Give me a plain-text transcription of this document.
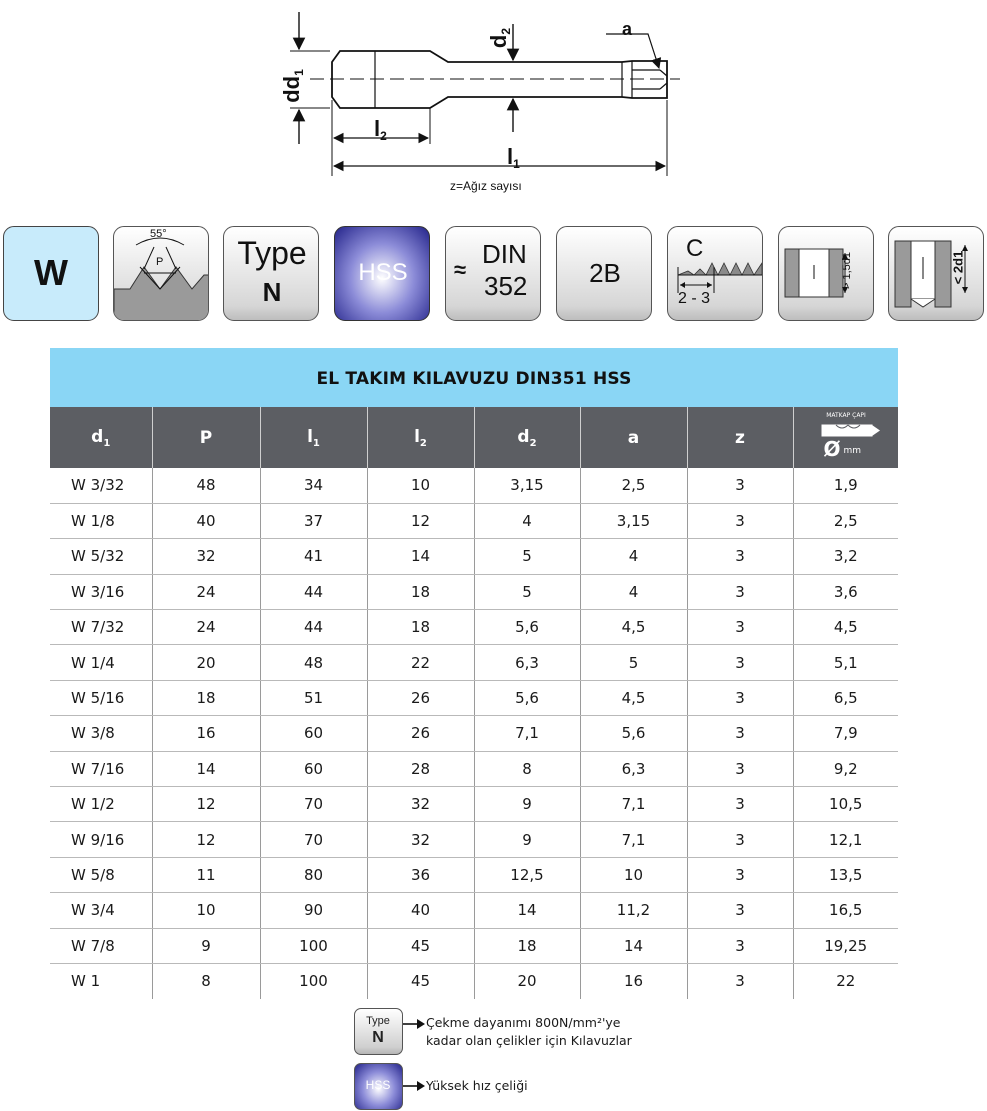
$dd_1$
$d_2$	a
$l_2$
$l_1$
z=Ağız sayısı
W
55°
P	Type
N
HSS	≈
DIN
352	2B
C
2 - 3
> 1,5d1	< 2d1
EL TAKIM KILAVUZU DIN351 HSS
$d_1$	P	$l_1$	$l_2$	$d_2$	a	z	MATKAP ÇAPI
Ø mm

W 3/32	48	34	10	3,15	2,5	3	1,9
W 1/8	40	37	12	4	3,15	3	2,5
W 5/32	32	41	14	5	4	3	3,2
W 3/16	24	44	18	5	4	3	3,6
W 7/32	24	44	18	5,6	4,5	3	4,5
W 1/4	20	48	22	6,3	5	3	5,1
W 5/16	18	51	26	5,6	4,5	3	6,5
W 3/8	16	60	26	7,1	5,6	3	7,9
W 7/16	14	60	28	8	6,3	3	9,2
W 1/2	12	70	32	9	7,1	3	10,5
W 9/16	12	70	32	9	7,1	3	12,1
W 5/8	11	80	36	12,5	10	3	13,5
W 3/4	10	90	40	14	11,2	3	16,5
W 7/8	9	100	45	18	14	3	19,25
W 1	8	100	45	20	16	3	22
Type
N
Çekme dayanımı 800N/mm²'ye
kadar olan çelikler için Kılavuzlar
HSS	Yüksek hız çeliği
